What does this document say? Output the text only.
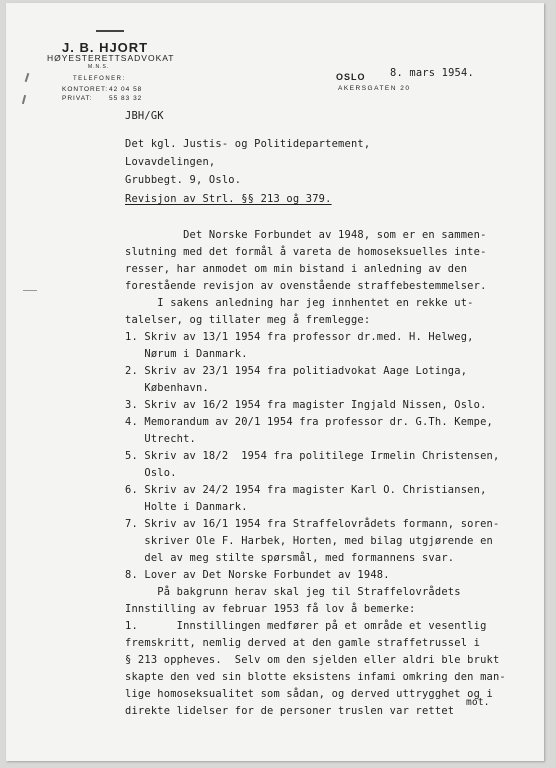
J. B. HJORT
HØYESTERETTSADVOKAT
M.N.S.
TELEFONER:
KONTORET: 42 04 58
PRIVAT:	55 83 32
OSLO
AKERSGATEN 20
8. mars 1954.
JBH/GK
Det kgl. Justis- og Politidepartement,
Lovavdelingen,
Grubbegt. 9, Oslo.
Revisjon av Strl. §§ 213 og 379.
Det Norske Forbundet av 1948, som er en sammen-
slutning med det formål å vareta de homoseksuelles inte-
resser, har anmodet om min bistand i anledning av den
forestående revisjon av ovenstående straffebestemmelser.
I sakens anledning har jeg innhentet en rekke ut-
talelser, og tillater meg å fremlegge:
1. Skriv av 13/1 1954 fra professor dr.med. H. Helweg,
Nørum i Danmark.
2. Skriv av 23/1 1954 fra politiadvokat Aage Lotinga,
København.
3. Skriv av 16/2 1954 fra magister Ingjald Nissen, Oslo.
4. Memorandum av 20/1 1954 fra professor dr. G.Th. Kempe,
Utrecht.
5. Skriv av 18/2  1954 fra politilege Irmelin Christensen,
Oslo.
6. Skriv av 24/2 1954 fra magister Karl O. Christiansen,
Holte i Danmark.
7. Skriv av 16/1 1954 fra Straffelovrådets formann, soren-
skriver Ole F. Harbek, Horten, med bilag utgjørende en
del av meg stilte spørsmål, med formannens svar.
8. Lover av Det Norske Forbundet av 1948.
På bakgrunn herav skal jeg til Straffelovrådets
Innstilling av februar 1953 få lov å bemerke:
1.      Innstillingen medfører på et område et vesentlig
fremskritt, nemlig derved at den gamle straffetrussel i
§ 213 oppheves.  Selv om den sjelden eller aldri ble brukt
skapte den ved sin blotte eksistens infami omkring den man-
lige homoseksualitet som sådan, og derved uttrygghet og i
direkte lidelser for de personer truslen var rettet
mot.
